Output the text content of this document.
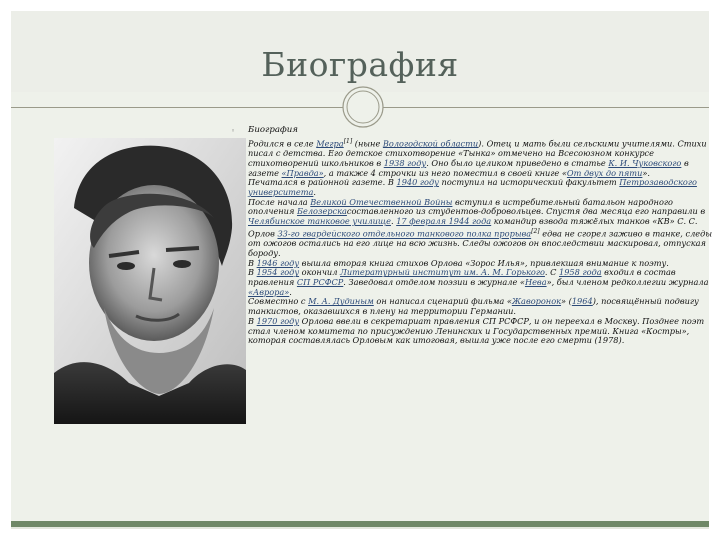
Биография
◦ Биография

Родился в селе Мегра[1] (ныне Вологодской области). Отец и мать были сельскими учителями. Стихи писал с детства. Его детское стихотворение «Тынка» отмечено на Всесоюзном конкурсе стихотворений школьников в 1938 году. Оно было целиком приведено в статье К. И. Чуковского в газете «Правда», а также 4 строчки из него поместил в своей книге «От двух до пяти».

Печатался в районной газете. В 1940 году поступил на исторический факультет Петрозаводского университета.

После начала Великой Отечественной Войны вступил в истребительный батальон народного ополчения Белозерскасоставленного из студентов-добровольцев. Спустя два месяца его направили в Челябинское танковое училище. 17 февраля 1944 года командир взвода тяжёлых танков «КВ» С. С. Орлов 33-го гвардейского отдельного танкового полка прорыва[2] едва не сгорел заживо в танке, следы от ожогов остались на его лице на всю жизнь. Следы ожогов он впоследствии маскировал, отпуская бороду.

В 1946 году вышла вторая книга стихов Орлова «Зорос Илья», привлекшая внимание к поэту.

В 1954 году окончил Литературный институт им. А. М. Горького. С 1958 года входил в состав правления СП РСФСР. Заведовал отделом поэзии в журнале «Нева», был членом редколлегии журнала «Аврора».

Совместно с М. А. Дудиным он написал сценарий фильма «Жаворонок» (1964), посвящённый подвигу танкистов, оказавшихся в плену на территории Германии.

В 1970 году Орлова ввели в секретариат правления СП РСФСР, и он переехал в Москву. Позднее поэт стал членом комитета по присуждению Ленинских и Государственных премий. Книга «Костры», которая составлялась Орловым как итоговая, вышла уже после его смерти (1978).
